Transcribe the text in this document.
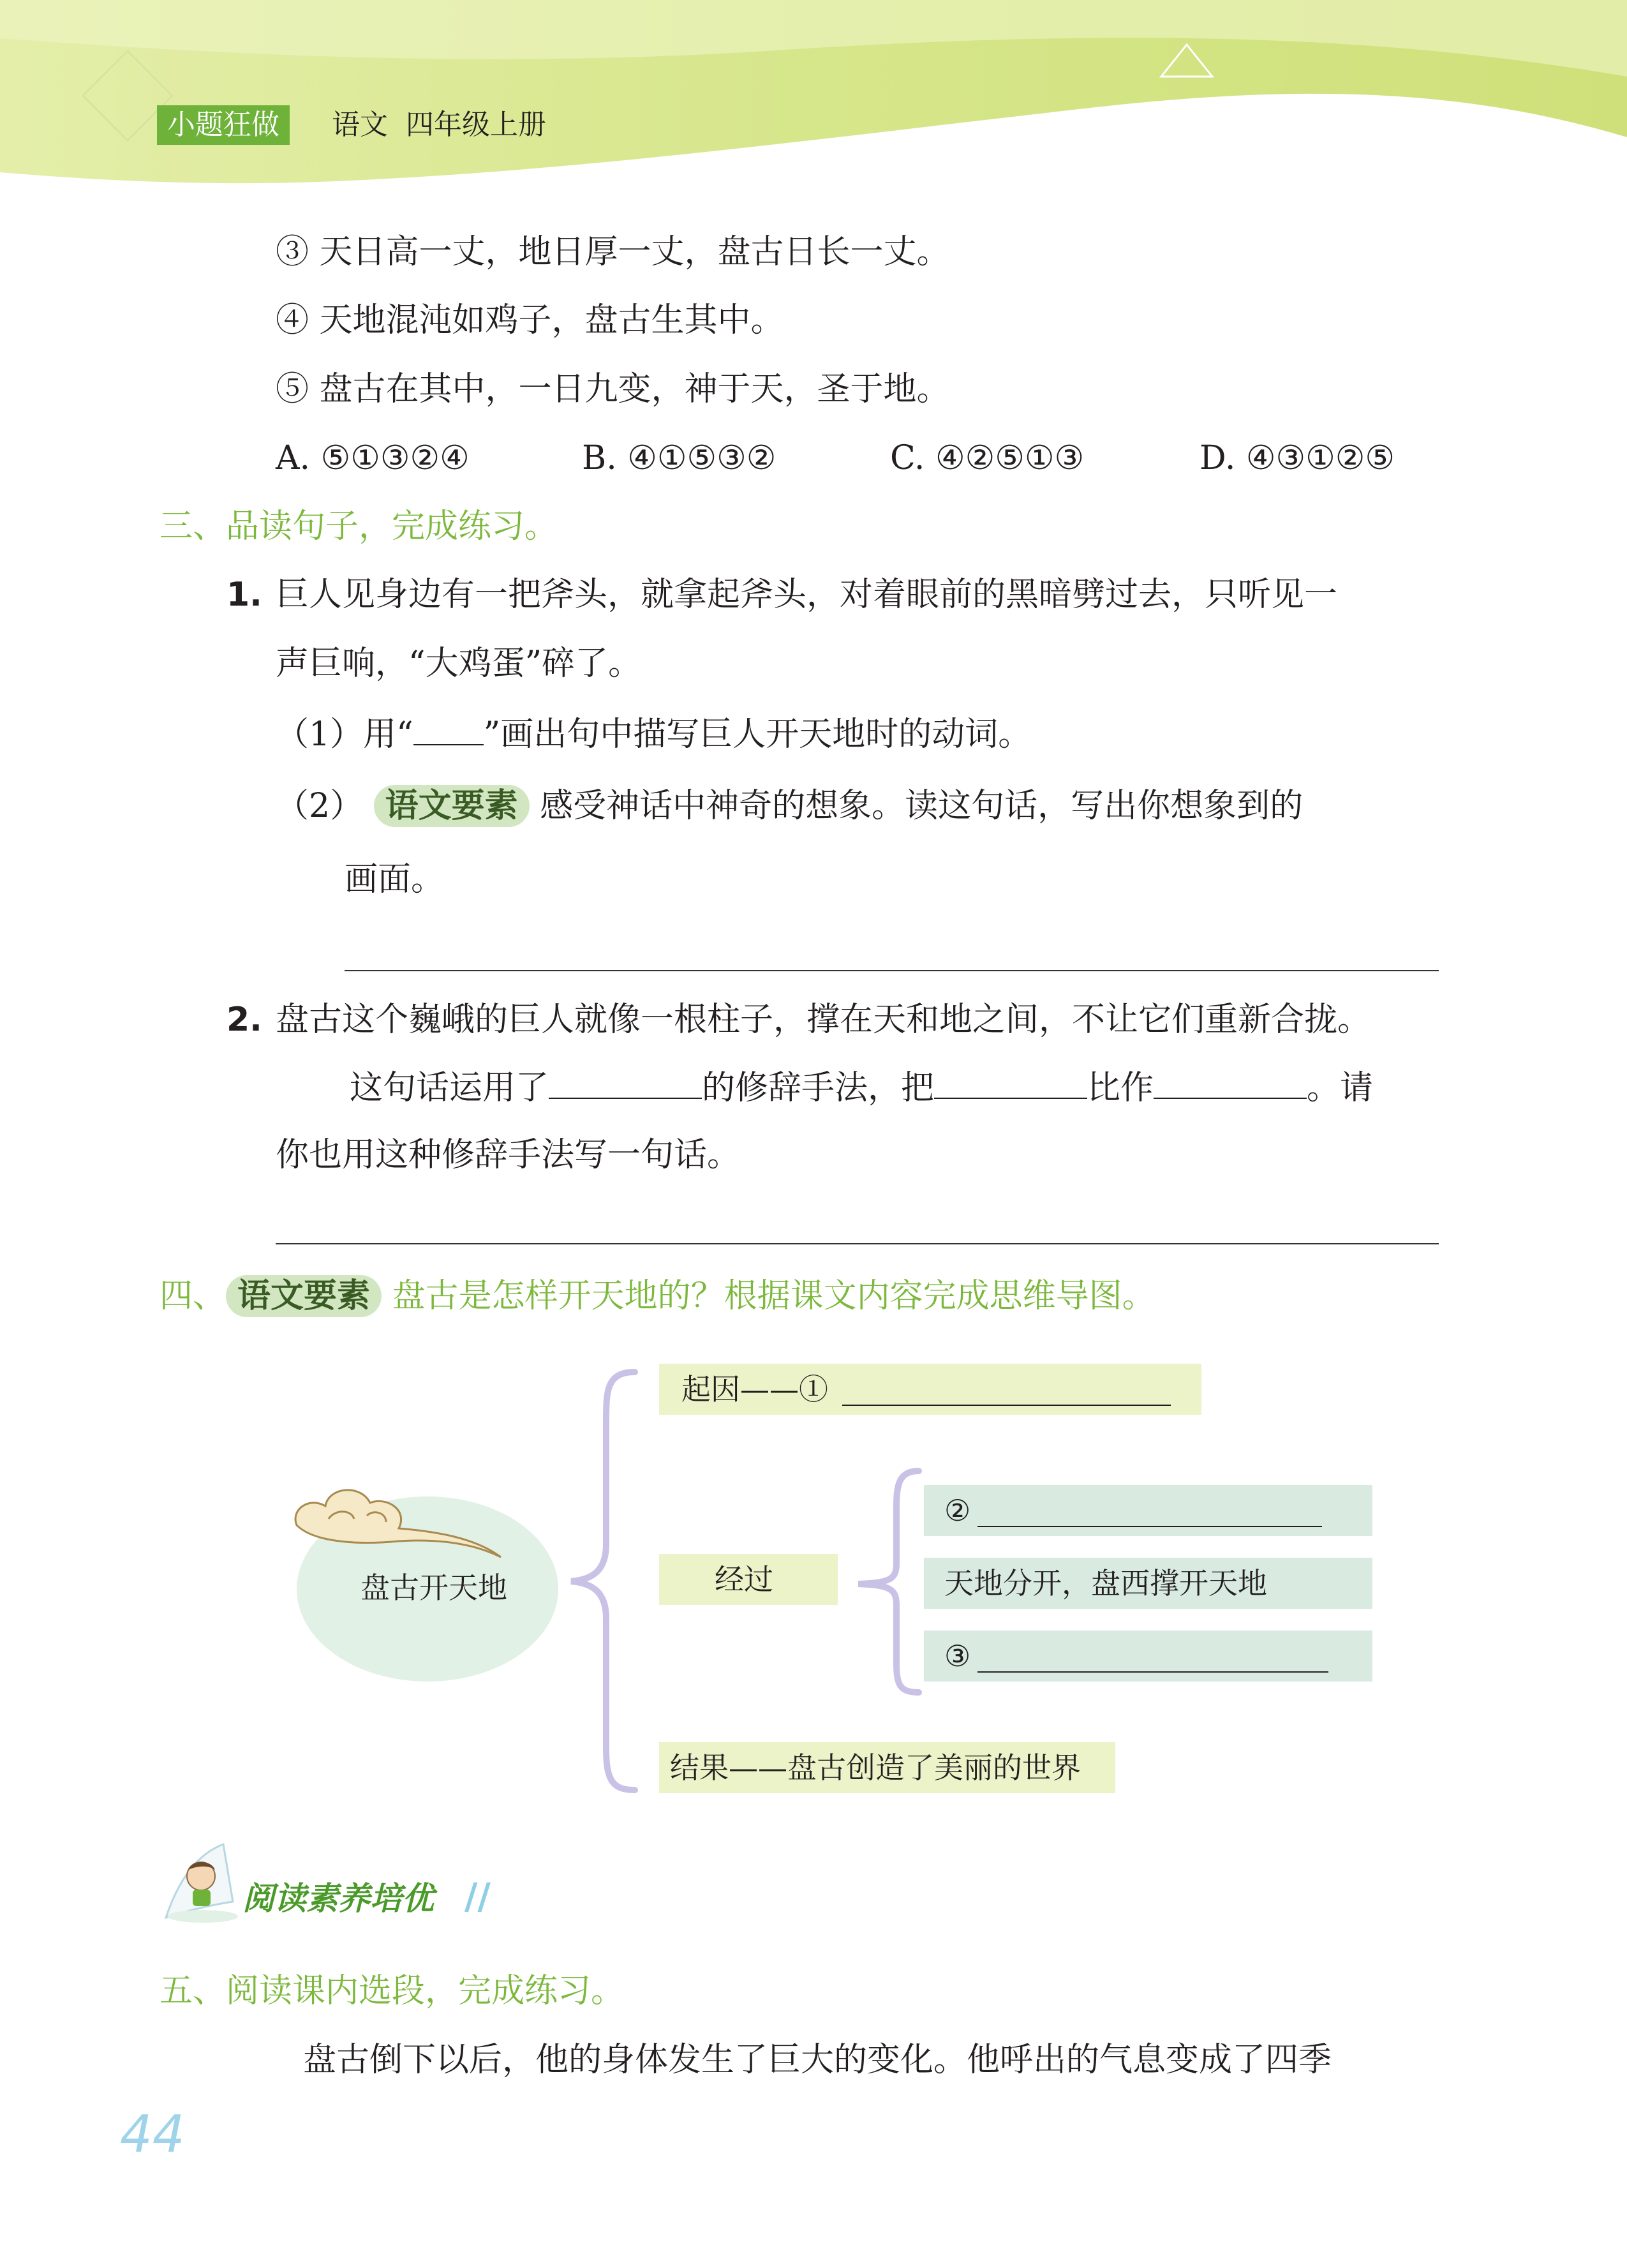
小题狂做	语文 四年级上册
③ 天日高一丈，地日厚一丈，盘古日长一丈。
④ 天地混沌如鸡子，盘古生其中。
⑤ 盘古在其中，一日九变，神于天，圣于地。
A. ⑤①③②④	B. ④①⑤③②	C. ④②⑤①③	D. ④③①②⑤
三、品读句子，完成练习。
1. 巨人见身边有一把斧头，就拿起斧头，对着眼前的黑暗劈过去，只听见一
声巨响，“大鸡蛋”碎了。
（1）用“ ”画出句中描写巨人开天地时的动词。
（2） 语文要素 感受神话中神奇的想象。读这句话，写出你想象到的
画面。
2. 盘古这个巍峨的巨人就像一根柱子，撑在天和地之间，不让它们重新合拢。
这句话运用了	的修辞手法，把	比作	。请
你也用这种修辞手法写一句话。
四、 语文要素 盘古是怎样开天地的？根据课文内容完成思维导图。
盘古开天地
起因——①
经过
②
天地分开，盘西撑开天地
③
结果——盘古创造了美丽的世界
阅读素养培优 //
五、阅读课内选段，完成练习。
盘古倒下以后，他的身体发生了巨大的变化。他呼出的气息变成了四季
44
